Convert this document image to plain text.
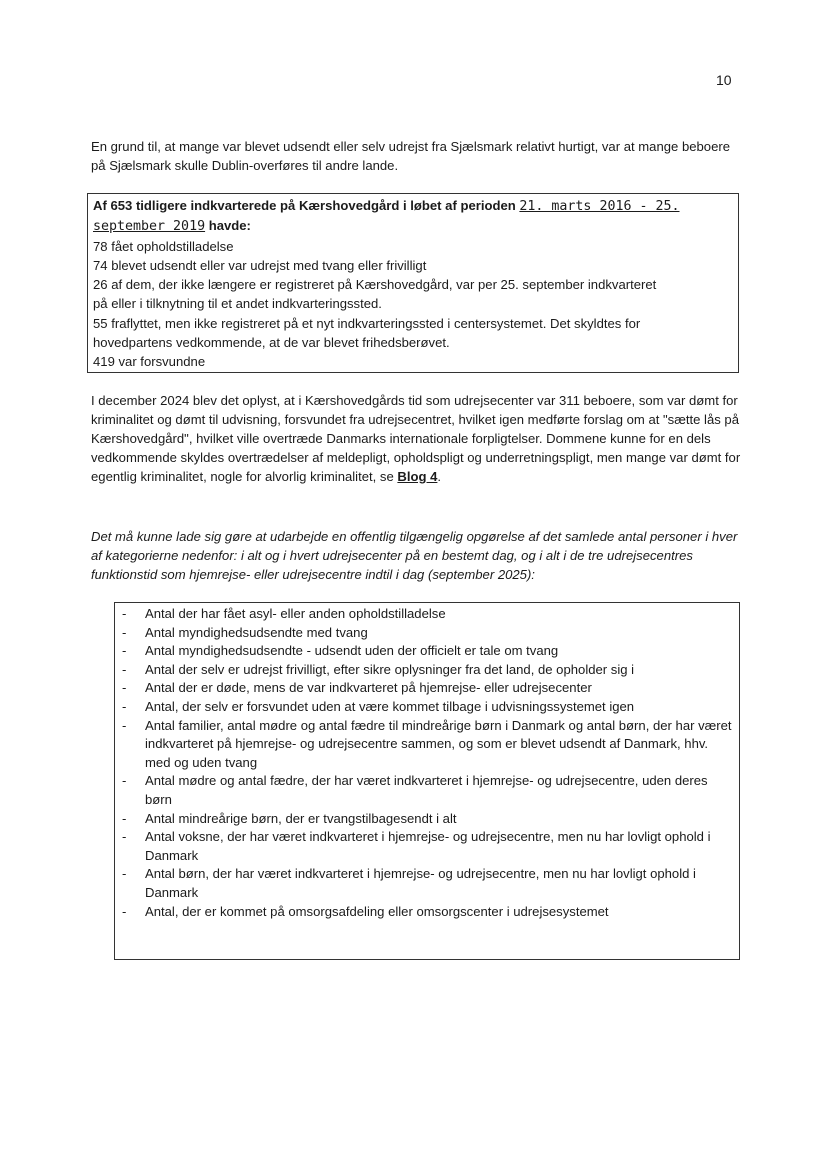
10

En grund til, at mange var blevet udsendt eller selv udrejst fra Sjælsmark relativt hurtigt, var at mange beboere på Sjælsmark skulle Dublin-overføres til andre lande.

Af 653 tidligere indkvarterede på Kærshovedgård i løbet af perioden 21. marts 2016 - 25.
september 2019 havde:
78 fået opholdstilladelse
74 blevet udsendt eller var udrejst med tvang eller frivilligt
26 af dem, der ikke længere er registreret på Kærshovedgård, var per 25. september indkvarteret
på eller i tilknytning til et andet indkvarteringssted.
55 fraflyttet, men ikke registreret på et nyt indkvarteringssted i centersystemet. Det skyldtes for
hovedpartens vedkommende, at de var blevet frihedsberøvet.
419 var forsvundne

I december 2024 blev det oplyst, at i Kærshovedgårds tid som udrejsecenter var 311 beboere, som var dømt for kriminalitet og dømt til udvisning, forsvundet fra udrejsecentret, hvilket igen medførte forslag om at "sætte lås på Kærshovedgård", hvilket ville overtræde Danmarks internationale forpligtelser. Dommene kunne for en dels vedkommende skyldes overtrædelser af meldepligt, opholdspligt og underretningspligt, men mange var dømt for egentlig kriminalitet, nogle for alvorlig kriminalitet, se Blog 4.

Det må kunne lade sig gøre at udarbejde en offentlig tilgængelig opgørelse af det samlede antal personer i hver af kategorierne nedenfor: i alt og i hvert udrejsecenter på en bestemt dag, og i alt i de tre udrejsecentres funktionstid som hjemrejse- eller udrejsecentre indtil i dag (september 2025):

- Antal der har fået asyl- eller anden opholdstilladelse
- Antal myndighedsudsendte med tvang
- Antal myndighedsudsendte - udsendt uden der officielt er tale om tvang
- Antal der selv er udrejst frivilligt, efter sikre oplysninger fra det land, de opholder sig i
- Antal der er døde, mens de var indkvarteret på hjemrejse- eller udrejsecenter
- Antal, der selv er forsvundet uden at være kommet tilbage i udvisningssystemet igen
- Antal familier, antal mødre og antal fædre til mindreårige børn i Danmark og antal børn, der har været indkvarteret på hjemrejse- og udrejsecentre sammen, og som er blevet udsendt af Danmark, hhv. med og uden tvang
- Antal mødre og antal fædre, der har været indkvarteret i hjemrejse- og udrejsecentre, uden deres børn
- Antal mindreårige børn, der er tvangstilbagesendt i alt
- Antal voksne, der har været indkvarteret i hjemrejse- og udrejsecentre, men nu har lovligt ophold i Danmark
- Antal børn, der har været indkvarteret i hjemrejse- og udrejsecentre, men nu har lovligt ophold i Danmark
- Antal, der er kommet på omsorgsafdeling eller omsorgscenter i udrejsesystemet
